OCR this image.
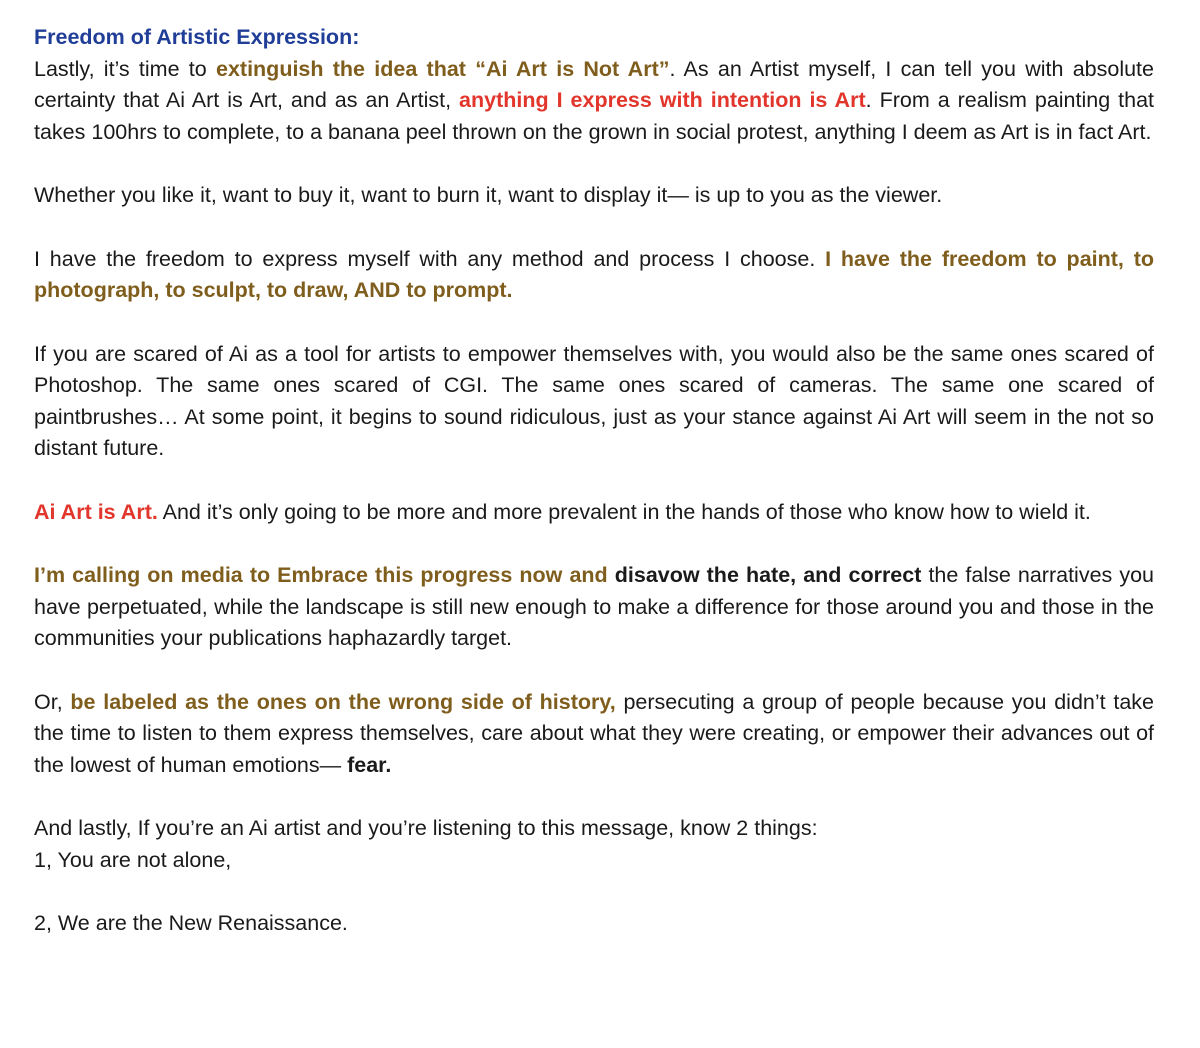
Freedom of Artistic Expression:

Lastly, it’s time to extinguish the idea that “Ai Art is Not Art”. As an Artist myself, I can tell you with absolute certainty that Ai Art is Art, and as an Artist, anything I express with intention is Art. From a realism painting that takes 100hrs to complete, to a banana peel thrown on the grown in social protest, anything I deem as Art is in fact Art.

Whether you like it, want to buy it, want to burn it, want to display it— is up to you as the viewer.

I have the freedom to express myself with any method and process I choose. I have the freedom to paint, to photograph, to sculpt, to draw, AND to prompt.

If you are scared of Ai as a tool for artists to empower themselves with, you would also be the same ones scared of Photoshop. The same ones scared of CGI. The same ones scared of cameras. The same one scared of paintbrushes… At some point, it begins to sound ridiculous, just as your stance against Ai Art will seem in the not so distant future.

Ai Art is Art. And it’s only going to be more and more prevalent in the hands of those who know how to wield it.

I’m calling on media to Embrace this progress now and disavow the hate, and correct the false narratives you have perpetuated, while the landscape is still new enough to make a difference for those around you and those in the communities your publications haphazardly target.

Or, be labeled as the ones on the wrong side of history, persecuting a group of people because you didn’t take the time to listen to them express themselves, care about what they were creating, or empower their advances out of the lowest of human emotions— fear.

And lastly, If you’re an Ai artist and you’re listening to this message, know 2 things:
1, You are not alone,

2, We are the New Renaissance.
